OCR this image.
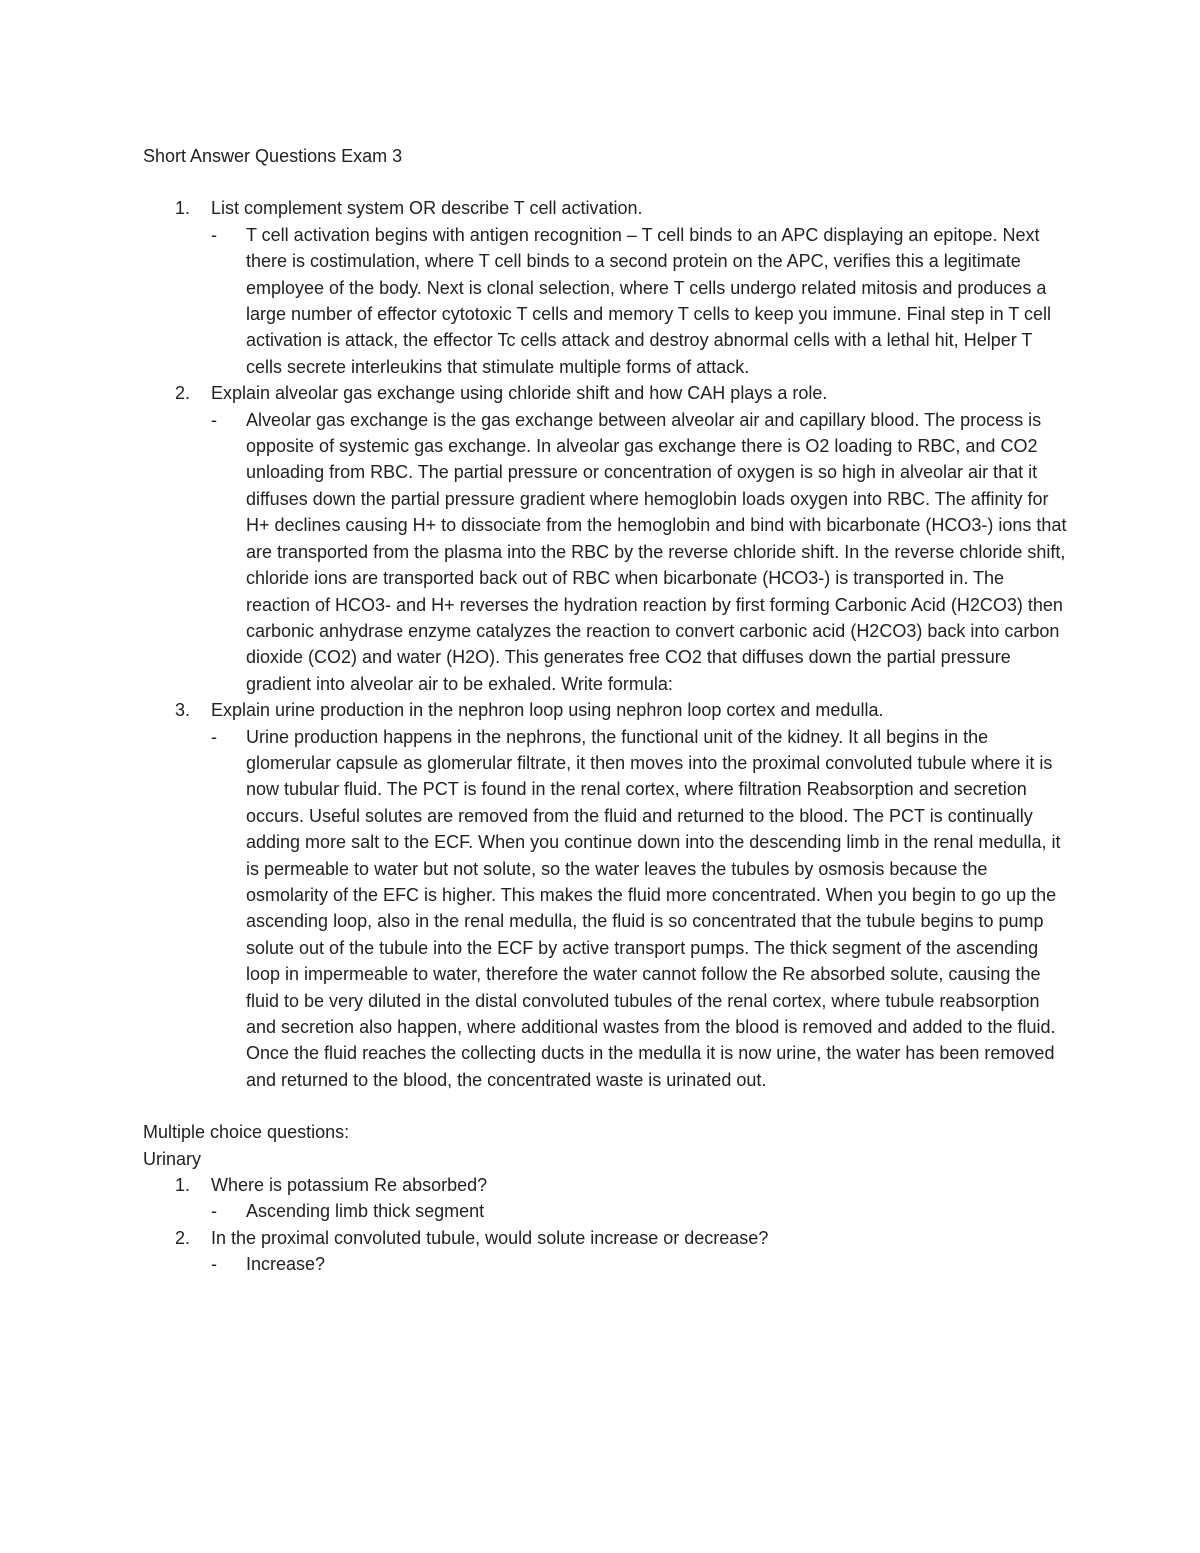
Short Answer Questions Exam 3
1. List complement system OR describe T cell activation.
- T cell activation begins with antigen recognition – T cell binds to an APC displaying an epitope. Next there is costimulation, where T cell binds to a second protein on the APC, verifies this a legitimate employee of the body. Next is clonal selection, where T cells undergo related mitosis and produces a large number of effector cytotoxic T cells and memory T cells to keep you immune. Final step in T cell activation is attack, the effector Tc cells attack and destroy abnormal cells with a lethal hit, Helper T cells secrete interleukins that stimulate multiple forms of attack.
2. Explain alveolar gas exchange using chloride shift and how CAH plays a role.
- Alveolar gas exchange is the gas exchange between alveolar air and capillary blood. The process is opposite of systemic gas exchange. In alveolar gas exchange there is O2 loading to RBC, and CO2 unloading from RBC. The partial pressure or concentration of oxygen is so high in alveolar air that it diffuses down the partial pressure gradient where hemoglobin loads oxygen into RBC. The affinity for H+ declines causing H+ to dissociate from the hemoglobin and bind with bicarbonate (HCO3-) ions that are transported from the plasma into the RBC by the reverse chloride shift. In the reverse chloride shift, chloride ions are transported back out of RBC when bicarbonate (HCO3-) is transported in. The reaction of HCO3- and H+ reverses the hydration reaction by first forming Carbonic Acid (H2CO3) then carbonic anhydrase enzyme catalyzes the reaction to convert carbonic acid (H2CO3) back into carbon dioxide (CO2) and water (H2O). This generates free CO2 that diffuses down the partial pressure gradient into alveolar air to be exhaled. Write formula:
3. Explain urine production in the nephron loop using nephron loop cortex and medulla.
- Urine production happens in the nephrons, the functional unit of the kidney. It all begins in the glomerular capsule as glomerular filtrate, it then moves into the proximal convoluted tubule where it is now tubular fluid. The PCT is found in the renal cortex, where filtration Reabsorption and secretion occurs. Useful solutes are removed from the fluid and returned to the blood. The PCT is continually adding more salt to the ECF. When you continue down into the descending limb in the renal medulla, it is permeable to water but not solute, so the water leaves the tubules by osmosis because the osmolarity of the EFC is higher. This makes the fluid more concentrated. When you begin to go up the ascending loop, also in the renal medulla, the fluid is so concentrated that the tubule begins to pump solute out of the tubule into the ECF by active transport pumps. The thick segment of the ascending loop in impermeable to water, therefore the water cannot follow the Re absorbed solute, causing the fluid to be very diluted in the distal convoluted tubules of the renal cortex, where tubule reabsorption and secretion also happen, where additional wastes from the blood is removed and added to the fluid. Once the fluid reaches the collecting ducts in the medulla it is now urine, the water has been removed and returned to the blood, the concentrated waste is urinated out.
Multiple choice questions:
Urinary
1. Where is potassium Re absorbed?
- Ascending limb thick segment
2. In the proximal convoluted tubule, would solute increase or decrease?
- Increase?
